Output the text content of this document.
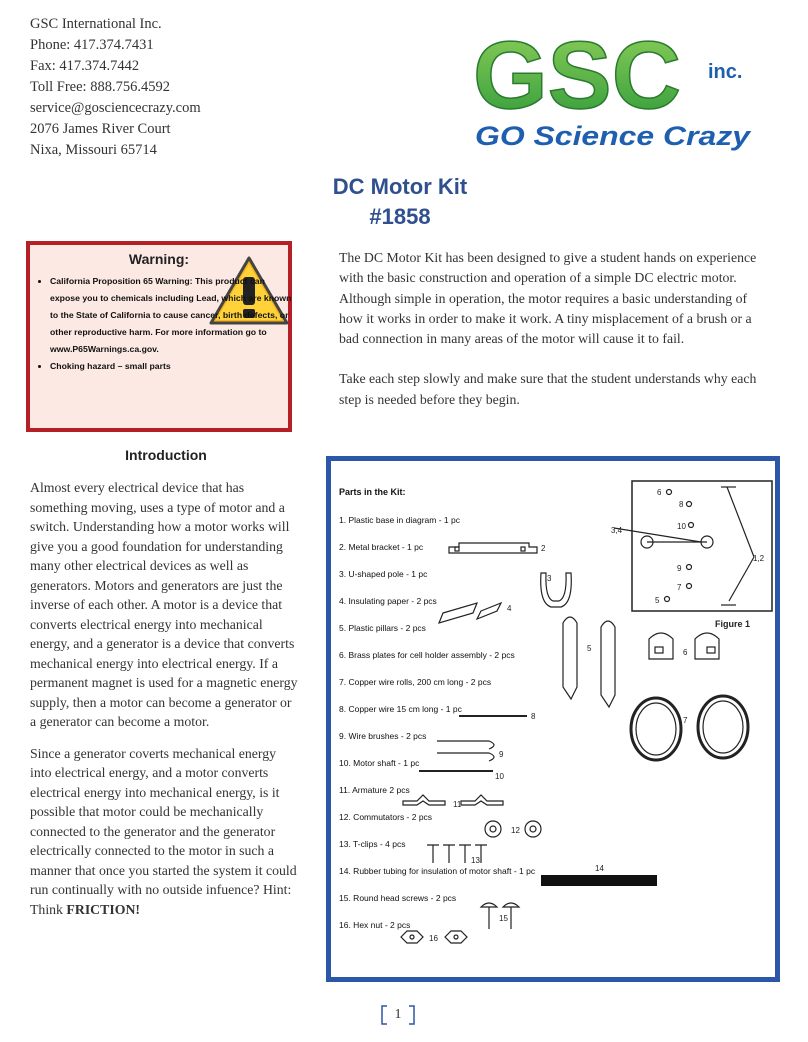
GSC International Inc.
Phone: 417.374.7431
Fax: 417.374.7442
Toll Free: 888.756.4592
service@gosciencecrazy.com
2076 James River Court
Nixa, Missouri 65714
GSC inc.
GO Science Crazy
DC Motor Kit
#1858
Warning:
• California Proposition 65 Warning: This product can expose you to chemicals including Lead, which are known to the State of California to cause cancer, birth defects, or other reproductive harm. For more information go to www.P65Warnings.ca.gov.
• Choking hazard – small parts
Introduction

Almost every electrical device that has something moving, uses a type of motor and a switch. Understanding how a motor works will give you a good foundation for understanding many other electrical devices as well as generators. Motors and generators are just the inverse of each other. A motor is a device that converts electrical energy into mechanical energy, and a generator is a device that converts mechanical energy into electrical energy. If a permanent magnet is used for a magnetic energy supply, then a motor can become a generator or a generator can become a motor.

Since a generator coverts mechanical energy into electrical energy, and a motor converts electrical energy into mechanical energy, is it possible that motor could be mechanically connected to the generator and the generator electrically connected to the motor in such a manner that once you started the system it could run continually with no outside infuence? Hint: Think FRICTION!

The DC Motor Kit has been designed to give a student hands on experience with the basic construction and operation of a simple DC electric motor. Although simple in operation, the motor requires a basic understanding of how it works in order to make it work. A tiny misplacement of a brush or a bad connection in many areas of the motor will cause it to fail.

Take each step slowly and make sure that the student understands why each step is needed before they begin.

Parts in the Kit:
1. Plastic base in diagram - 1 pc
2. Metal bracket - 1 pc
3. U-shaped pole - 1 pc
4. Insulating paper - 2 pcs
5. Plastic pillars - 2 pcs
6. Brass plates for cell holder assembly - 2 pcs
7. Copper wire rolls, 200 cm long - 2 pcs
8. Copper wire 15 cm long - 1 pc
9. Wire brushes - 2 pcs
10. Motor shaft - 1 pc
11. Armature 2 pcs
12. Commutators - 2 pcs
13. T-clips - 4 pcs
14. Rubber tubing for insulation of motor shaft - 1 pc
15. Round head screws - 2 pcs
16. Hex nut - 2 pcs
6
8
10
3,4
1,2
9
7
5
Figure 1
2
3
4
5	6
7
8
9
10
11
12
13
14
15
16
1
